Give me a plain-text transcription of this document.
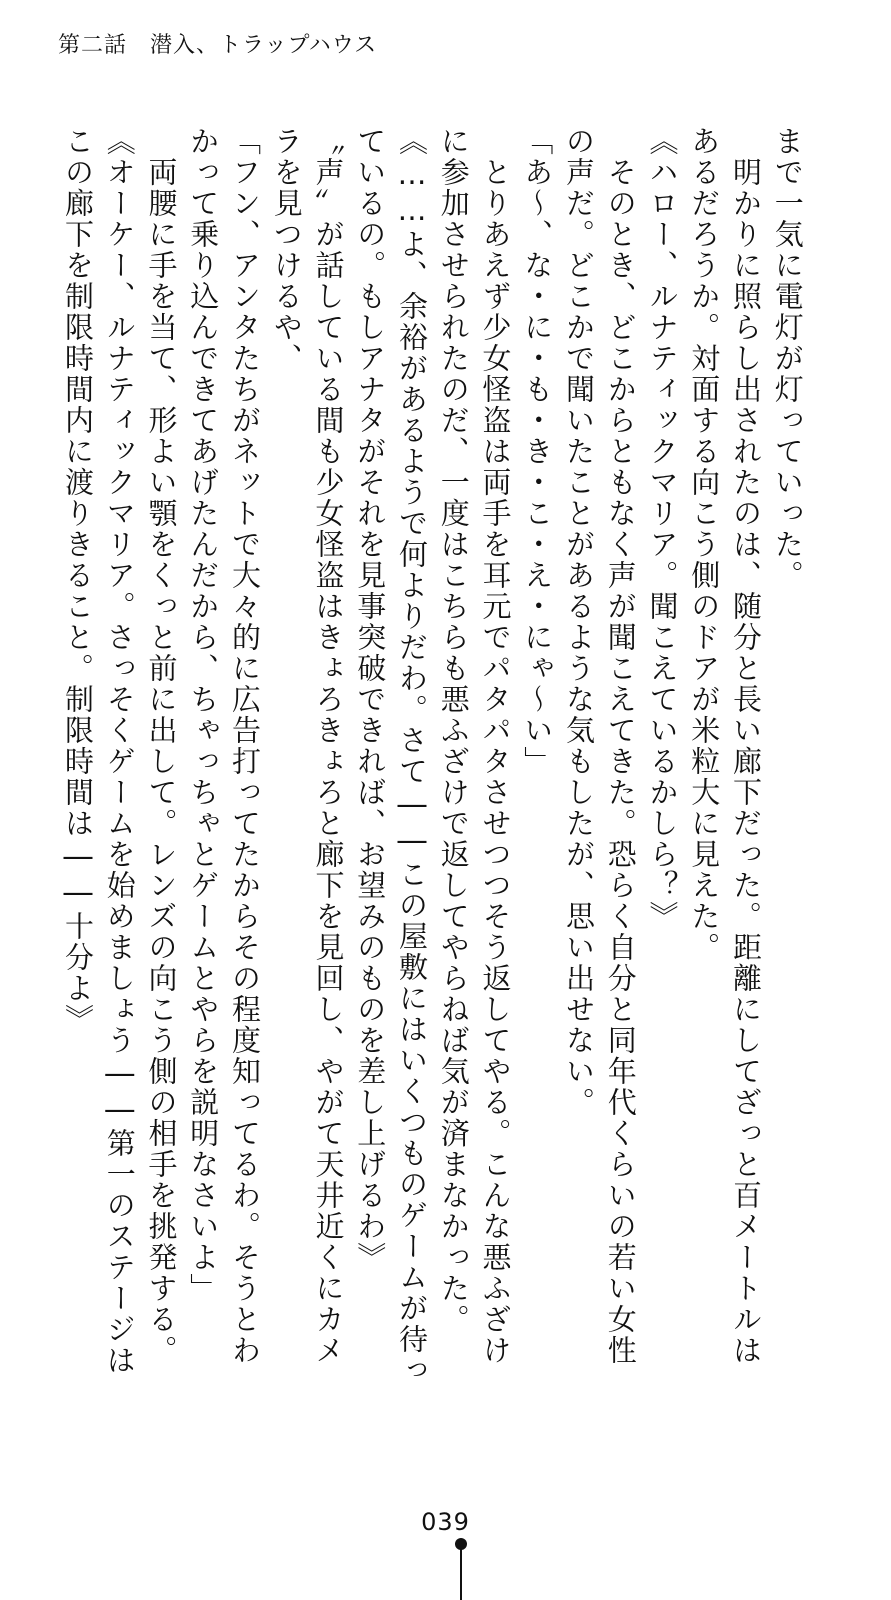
第二話　潜入、トラップハウス
まで一気に電灯が灯っていった。
　明かりに照らし出されたのは、随分と長い廊下だった。距離にしてざっと百メートルは
あるだろうか。対面する向こう側のドアが米粒大に見えた。
《ハロー、ルナティックマリア。聞こえているかしら？》
　そのとき、どこからともなく声が聞こえてきた。恐らく自分と同年代くらいの若い女性
の声だ。どこかで聞いたことがあるような気もしたが、思い出せない。
「あ〜、な・に・も・き・こ・え・にゃ〜い」
　とりあえず少女怪盗は両手を耳元でパタパタさせつつそう返してやる。こんな悪ふざけ
に参加させられたのだ、一度はこちらも悪ふざけで返してやらねば気が済まなかった。
《……よ、余裕があるようで何よりだわ。さて――この屋敷にはいくつものゲームが待っ
ているの。もしアナタがそれを見事突破できれば、お望みのものを差し上げるわ》
〝声〟が話している間も少女怪盗はきょろきょろと廊下を見回し、やがて天井近くにカメ
ラを見つけるや、
「フン、アンタたちがネットで大々的に広告打ってたからその程度知ってるわ。そうとわ
かって乗り込んできてあげたんだから、ちゃっちゃとゲームとやらを説明なさいよ」
　両腰に手を当て、形よい顎をくっと前に出して。レンズの向こう側の相手を挑発する。
《オーケー、ルナティックマリア。さっそくゲームを始めましょう――第一のステージは
この廊下を制限時間内に渡りきること。制限時間は――十分よ》
039
